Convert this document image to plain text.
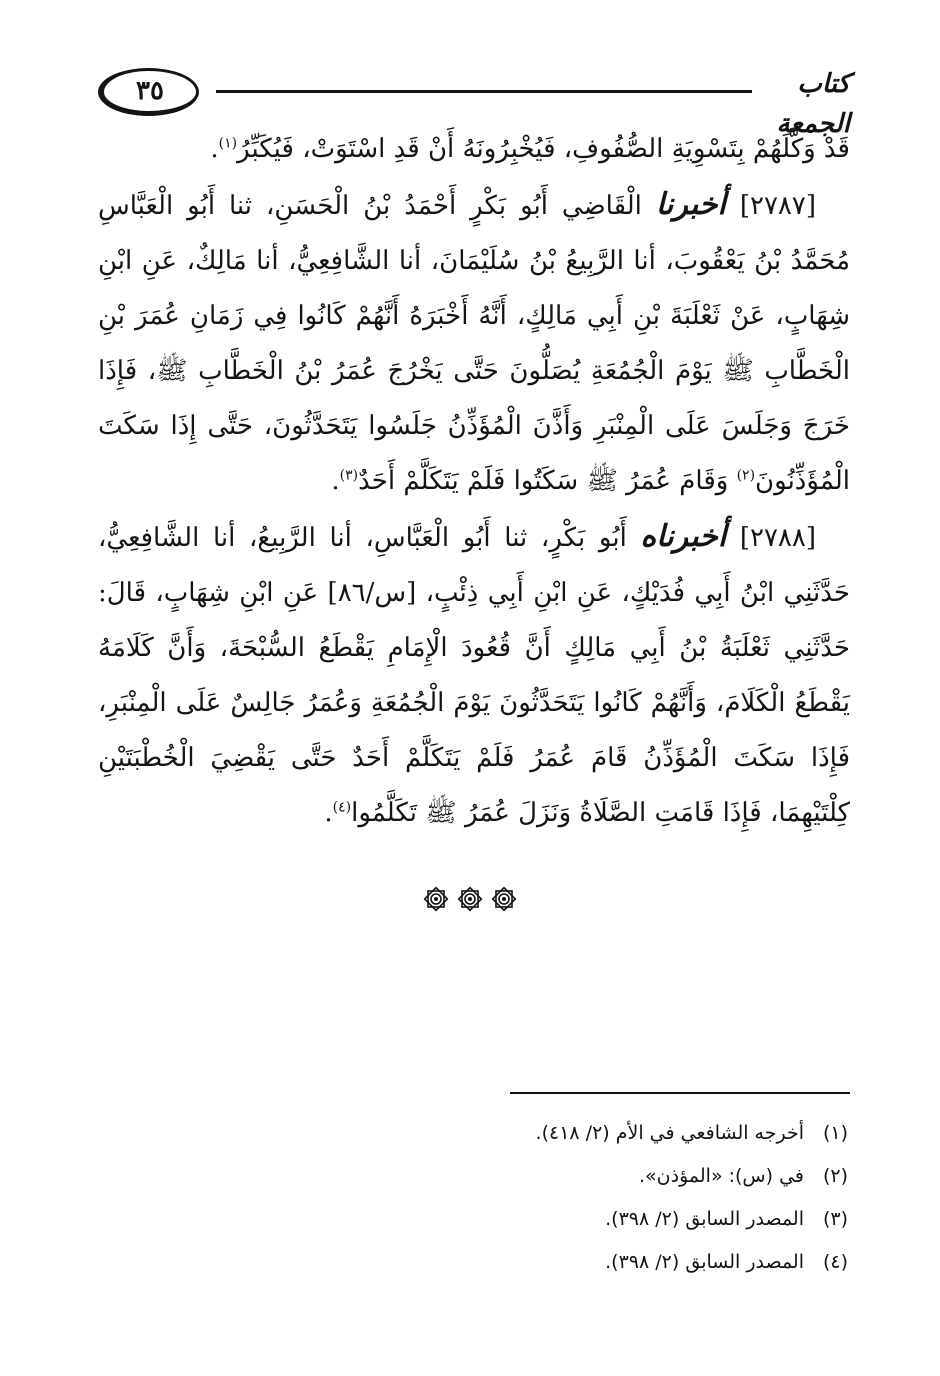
٣٥	كتاب الجمعة

قَدْ وَكَّلَهُمْ بِتَسْوِيَةِ الصُّفُوفِ، فَيُخْبِرُونَهُ أَنْ قَدِ اسْتَوَتْ، فَيُكَبِّرُ$^{(١)}$.

[٢٧٨٧] أخبرنا الْقَاضِي أَبُو بَكْرٍ أَحْمَدُ بْنُ الْحَسَنِ، ثنا أَبُو الْعَبَّاسِ مُحَمَّدُ بْنُ يَعْقُوبَ، أنا الرَّبِيعُ بْنُ سُلَيْمَانَ، أنا الشَّافِعِيُّ، أنا مَالِكٌ، عَنِ ابْنِ شِهَابٍ، عَنْ ثَعْلَبَةَ بْنِ أَبِي مَالِكٍ، أَنَّهُ أَخْبَرَهُ أَنَّهُمْ كَانُوا فِي زَمَانِ عُمَرَ بْنِ الْخَطَّابِ ﷺ يَوْمَ الْجُمُعَةِ يُصَلُّونَ حَتَّى يَخْرُجَ عُمَرُ بْنُ الْخَطَّابِ ﷺ، فَإِذَا خَرَجَ وَجَلَسَ عَلَى الْمِنْبَرِ وَأَذَّنَ الْمُؤَذِّنُ جَلَسُوا يَتَحَدَّثُونَ، حَتَّى إِذَا سَكَتَ الْمُؤَذِّنُونَ$^{(٢)}$ وَقَامَ عُمَرُ ﷺ سَكَتُوا فَلَمْ يَتَكَلَّمْ أَحَدٌ$^{(٣)}$.

[٢٧٨٨] أخبرناه أَبُو بَكْرٍ، ثنا أَبُو الْعَبَّاسِ، أنا الرَّبِيعُ، أنا الشَّافِعِيُّ، حَدَّثَنِي ابْنُ أَبِي فُدَيْكٍ، عَنِ ابْنِ أَبِي ذِئْبٍ، [س/٨٦] عَنِ ابْنِ شِهَابٍ، قَالَ: حَدَّثَنِي ثَعْلَبَةُ بْنُ أَبِي مَالِكٍ أَنَّ قُعُودَ الْإِمَامِ يَقْطَعُ السُّبْحَةَ، وَأَنَّ كَلَامَهُ يَقْطَعُ الْكَلَامَ، وَأَنَّهُمْ كَانُوا يَتَحَدَّثُونَ يَوْمَ الْجُمُعَةِ وَعُمَرُ جَالِسٌ عَلَى الْمِنْبَرِ، فَإِذَا سَكَتَ الْمُؤَذِّنُ قَامَ عُمَرُ فَلَمْ يَتَكَلَّمْ أَحَدٌ حَتَّى يَقْضِيَ الْخُطْبَتَيْنِ كِلْتَيْهِمَا، فَإِذَا قَامَتِ الصَّلَاةُ وَنَزَلَ عُمَرُ ﷺ تَكَلَّمُوا$^{(٤)}$.

(١)أخرجه الشافعي في الأم (٢/ ٤١٨).
(٢)في (س): «المؤذن».
(٣)المصدر السابق (٢/ ٣٩٨).
(٤)المصدر السابق (٢/ ٣٩٨).
